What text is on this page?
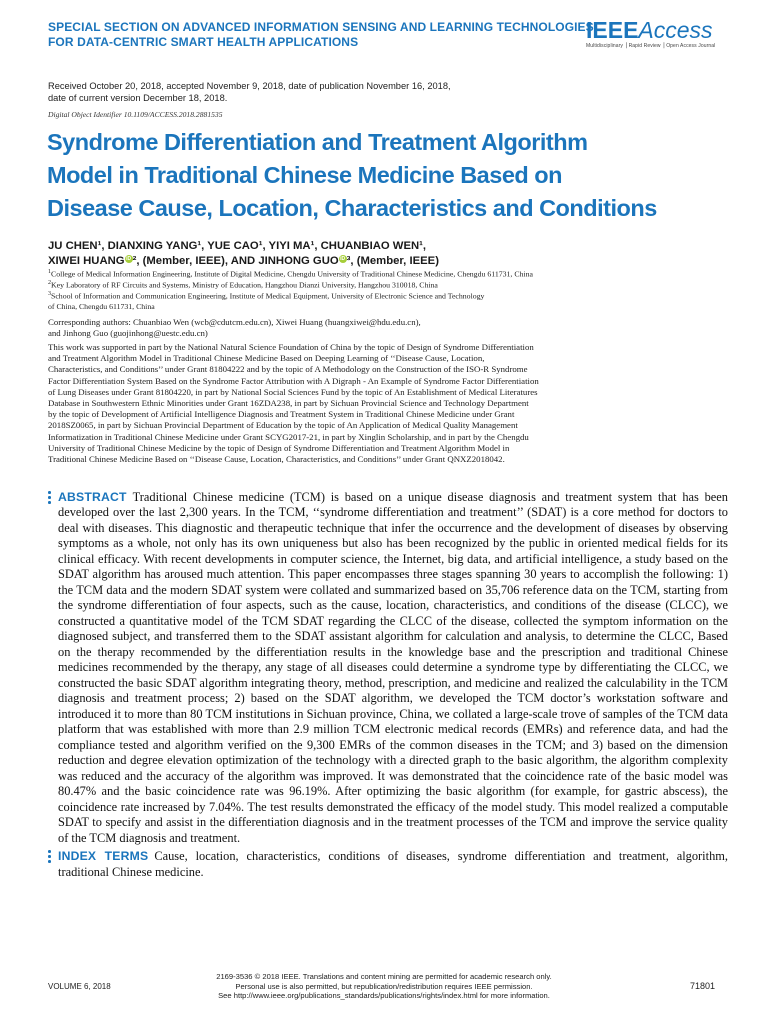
SPECIAL SECTION ON ADVANCED INFORMATION SENSING AND LEARNING TECHNOLOGIES
FOR DATA-CENTRIC SMART HEALTH APPLICATIONS	IEEEAccess
Multidisciplinary ⎟ Rapid Review ⎟ Open Access Journal
Received October 20, 2018, accepted November 9, 2018, date of publication November 16, 2018,
date of current version December 18, 2018.
Digital Object Identifier 10.1109/ACCESS.2018.2881535
Syndrome Differentiation and Treatment Algorithm
Model in Traditional Chinese Medicine Based on
Disease Cause, Location, Characteristics and Conditions
JU CHEN¹, DIANXING YANG¹, YUE CAO¹, YIYI MA¹, CHUANBIAO WEN¹,
XIWEI HUANG iD ², (Member, IEEE), AND JINHONG GUO iD ³, (Member, IEEE)
$^1$College of Medical Information Engineering, Institute of Digital Medicine, Chengdu University of Traditional Chinese Medicine, Chengdu 611731, China
$^2$Key Laboratory of RF Circuits and Systems, Ministry of Education, Hangzhou Dianzi University, Hangzhou 310018, China
$^3$School of Information and Communication Engineering, Institute of Medical Equipment, University of Electronic Science and Technology
of China, Chengdu 611731, China
Corresponding authors: Chuanbiao Wen (wcb@cdutcm.edu.cn), Xiwei Huang (huangxiwei@hdu.edu.cn),
and Jinhong Guo (guojinhong@uestc.edu.cn)
This work was supported in part by the National Natural Science Foundation of China by the topic of Design of Syndrome Differentiation
and Treatment Algorithm Model in Traditional Chinese Medicine Based on Deeping Learning of ‘‘Disease Cause, Location,
Characteristics, and Conditions’’ under Grant 81804222 and by the topic of A Methodology on the Construction of the ISO-R Syndrome
Factor Differentiation System Based on the Syndrome Factor Attribution with A Digraph - An Example of Syndrome Factor Differentiation
of Lung Diseases under Grant 81804220, in part by National Social Sciences Fund by the topic of An Establishment of Medical Literatures
Database in Southwestern Ethnic Minorities under Grant 16ZDA238, in part by Sichuan Provincial Science and Technology Department
by the topic of Development of Artificial Intelligence Diagnosis and Treatment System in Traditional Chinese Medicine under Grant
2018SZ0065, in part by Sichuan Provincial Department of Education by the topic of An Application of Medical Quality Management
Informatization in Traditional Chinese Medicine under Grant SCYG2017-21, in part by Xinglin Scholarship, and in part by the Chengdu
University of Traditional Chinese Medicine by the topic of Design of Syndrome Differentiation and Treatment Algorithm Model in
Traditional Chinese Medicine Based on ‘‘Disease Cause, Location, Characteristics, and Conditions’’ under Grant QNXZ2018042.

ABSTRACT Traditional Chinese medicine (TCM) is based on a unique disease diagnosis and treatment system that has been developed over the last 2,300 years. In the TCM, ‘‘syndrome differentiation and treatment’’ (SDAT) is a core method for doctors to deal with diseases. This diagnostic and therapeutic technique that infer the occurrence and the development of diseases by observing symptoms as a whole, not only has its own uniqueness but also has been recognized by the public in oriented medical fields for its clinical efficacy. With recent developments in computer science, the Internet, big data, and artificial intelligence, a study based on the SDAT algorithm has aroused much attention. This paper encompasses three stages spanning 30 years to accomplish the following: 1) the TCM data and the modern SDAT system were collated and summarized based on 35,706 reference data on the TCM, starting from the syndrome differentiation of four aspects, such as the cause, location, characteristics, and conditions of the disease (CLCC), we constructed a quantitative model of the TCM SDAT regarding the CLCC of the disease, collected the symptom information on the diagnosed subject, and transferred them to the SDAT assistant algorithm for calculation and analysis, to determine the CLCC, Based on the therapy recommended by the differentiation results in the knowledge base and the prescription and traditional Chinese medicines recommended by the therapy, any stage of all diseases could determine a syndrome type by differentiating the CLCC, we constructed the basic SDAT algorithm integrating theory, method, prescription, and medicine and realized the calculability in the TCM diagnosis and treatment process; 2) based on the SDAT algorithm, we developed the TCM doctor’s workstation software and introduced it to more than 80 TCM institutions in Sichuan province, China, we collated a large-scale trove of samples of the TCM data platform that was established with more than 2.9 million TCM electronic medical records (EMRs) and reference data, and had the compliance tested and algorithm verified on the 9,300 EMRs of the common diseases in the TCM; and 3) based on the dimension reduction and degree elevation optimization of the technology with a directed graph to the basic algorithm, the algorithm complexity was reduced and the accuracy of the algorithm was improved. It was demonstrated that the coincidence rate of the basic model was 80.47% and the basic coincidence rate was 96.19%. After optimizing the basic algorithm (for example, for gastric abscess), the coincidence rate increased by 7.04%. The test results demonstrated the efficacy of the model study. This model realized a computable SDAT to specify and assist in the differentiation diagnosis and in the treatment processes of the TCM and improve the service quality of the TCM diagnosis and treatment.

INDEX TERMS Cause, location, characteristics, conditions of diseases, syndrome differentiation and treatment, algorithm, traditional Chinese medicine.

VOLUME 6, 2018
2169-3536 © 2018 IEEE. Translations and content mining are permitted for academic research only.
Personal use is also permitted, but republication/redistribution requires IEEE permission.
See http://www.ieee.org/publications_standards/publications/rights/index.html for more information.
71801
